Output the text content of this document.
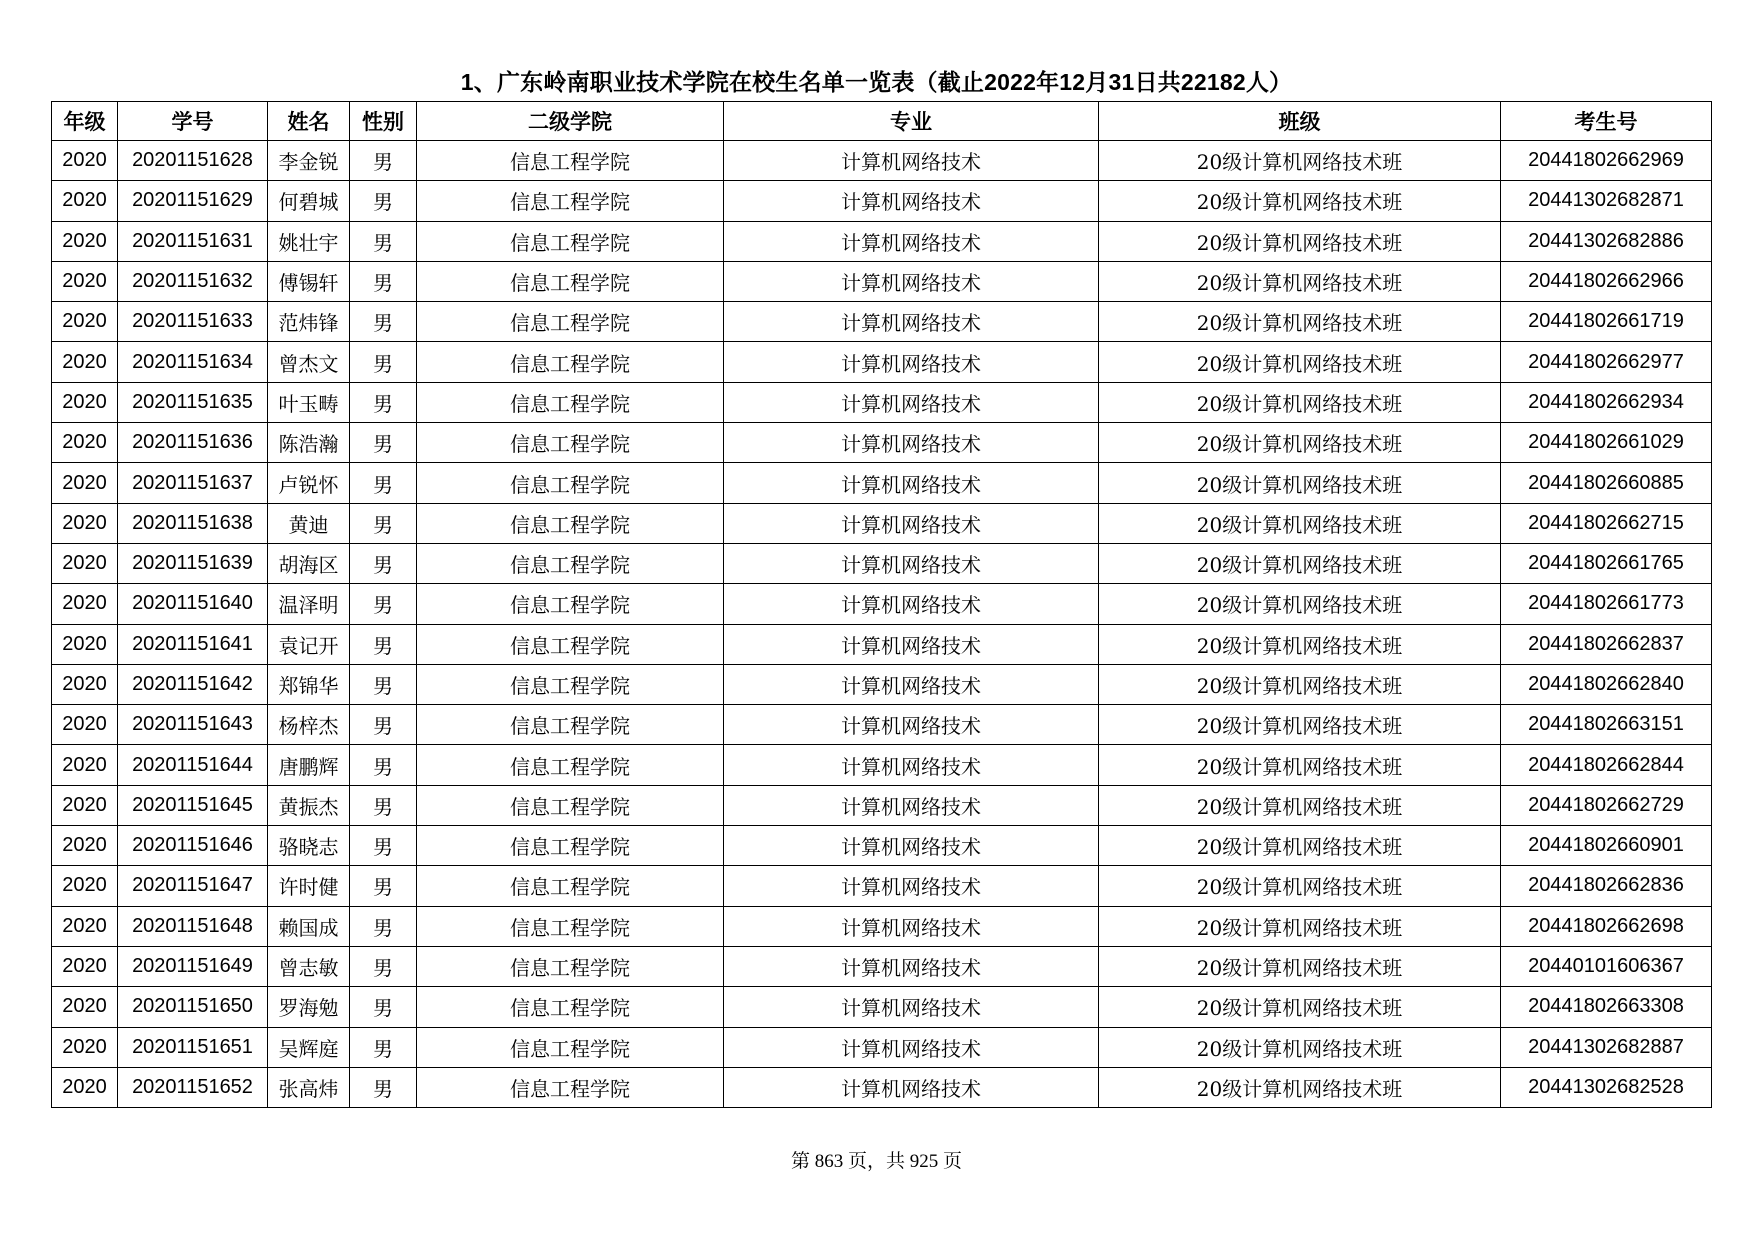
1、广东岭南职业技术学院在校生名单一览表（截止2022年12月31日共22182人）
年级	学号	姓名	性别	二级学院	专业	班级	考生号
2020	20201151628	李金锐	男	信息工程学院	计算机网络技术	20级计算机网络技术班	20441802662969
2020	20201151629	何碧城	男	信息工程学院	计算机网络技术	20级计算机网络技术班	20441302682871
2020	20201151631	姚壮宇	男	信息工程学院	计算机网络技术	20级计算机网络技术班	20441302682886
2020	20201151632	傅锡轩	男	信息工程学院	计算机网络技术	20级计算机网络技术班	20441802662966
2020	20201151633	范炜锋	男	信息工程学院	计算机网络技术	20级计算机网络技术班	20441802661719
2020	20201151634	曾杰文	男	信息工程学院	计算机网络技术	20级计算机网络技术班	20441802662977
2020	20201151635	叶玉畴	男	信息工程学院	计算机网络技术	20级计算机网络技术班	20441802662934
2020	20201151636	陈浩瀚	男	信息工程学院	计算机网络技术	20级计算机网络技术班	20441802661029
2020	20201151637	卢锐怀	男	信息工程学院	计算机网络技术	20级计算机网络技术班	20441802660885
2020	20201151638	黄迪	男	信息工程学院	计算机网络技术	20级计算机网络技术班	20441802662715
2020	20201151639	胡海区	男	信息工程学院	计算机网络技术	20级计算机网络技术班	20441802661765
2020	20201151640	温泽明	男	信息工程学院	计算机网络技术	20级计算机网络技术班	20441802661773
2020	20201151641	袁记开	男	信息工程学院	计算机网络技术	20级计算机网络技术班	20441802662837
2020	20201151642	郑锦华	男	信息工程学院	计算机网络技术	20级计算机网络技术班	20441802662840
2020	20201151643	杨梓杰	男	信息工程学院	计算机网络技术	20级计算机网络技术班	20441802663151
2020	20201151644	唐鹏辉	男	信息工程学院	计算机网络技术	20级计算机网络技术班	20441802662844
2020	20201151645	黄振杰	男	信息工程学院	计算机网络技术	20级计算机网络技术班	20441802662729
2020	20201151646	骆晓志	男	信息工程学院	计算机网络技术	20级计算机网络技术班	20441802660901
2020	20201151647	许时健	男	信息工程学院	计算机网络技术	20级计算机网络技术班	20441802662836
2020	20201151648	赖国成	男	信息工程学院	计算机网络技术	20级计算机网络技术班	20441802662698
2020	20201151649	曾志敏	男	信息工程学院	计算机网络技术	20级计算机网络技术班	20440101606367
2020	20201151650	罗海勉	男	信息工程学院	计算机网络技术	20级计算机网络技术班	20441802663308
2020	20201151651	吴辉庭	男	信息工程学院	计算机网络技术	20级计算机网络技术班	20441302682887
2020	20201151652	张高炜	男	信息工程学院	计算机网络技术	20级计算机网络技术班	20441302682528
第 863 页，共 925 页
